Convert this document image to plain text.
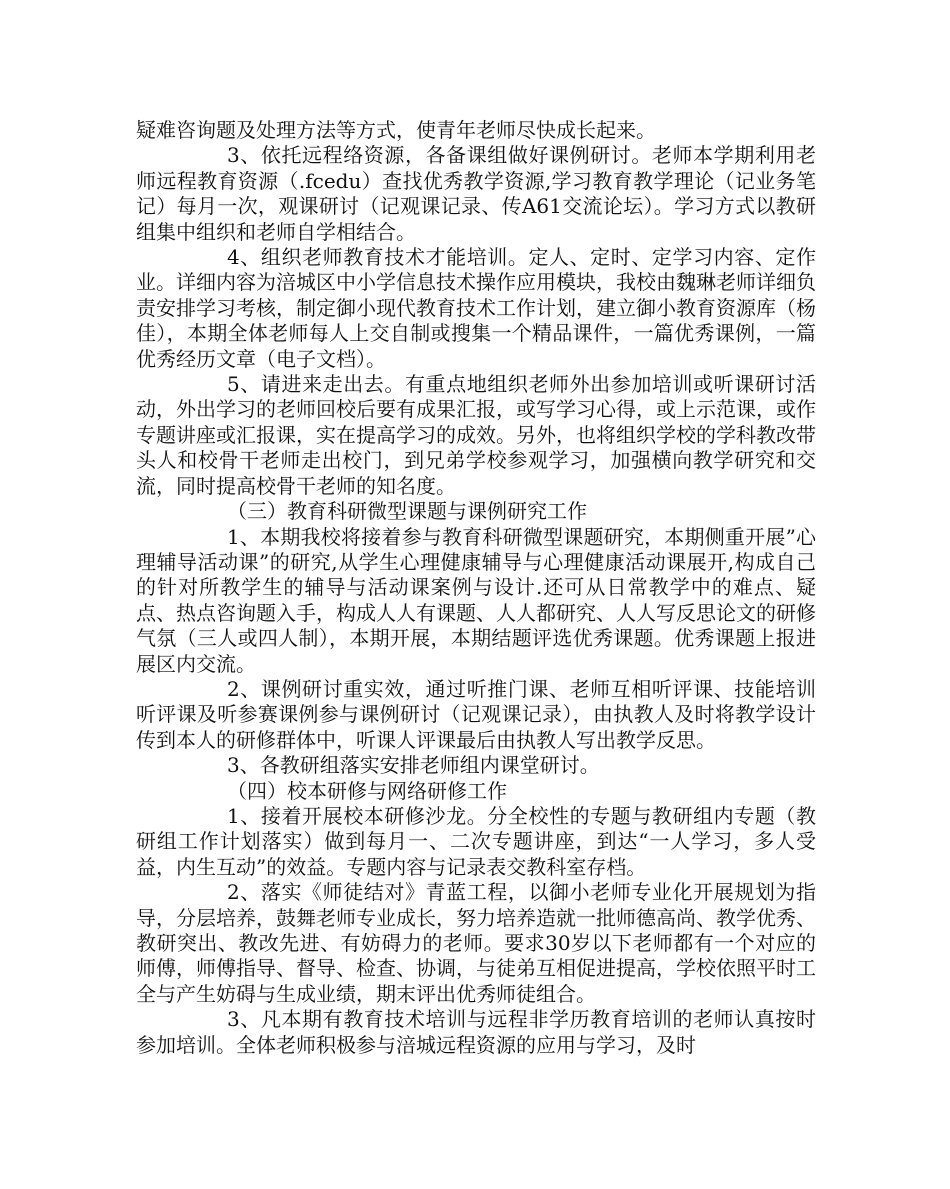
疑难咨询题及处理方法等方式，使青年老师尽快成长起来。

3、依托远程络资源，各备课组做好课例研讨。老师本学期利用老师远程教育资源（.fcedu）查找优秀教学资源,学习教育教学理论（记业务笔记）每月一次，观课研讨（记观课记录、传A61交流论坛）。学习方式以教研组集中组织和老师自学相结合。

4、组织老师教育技术才能培训。定人、定时、定学习内容、定作业。详细内容为涪城区中小学信息技术操作应用模块，我校由魏琳老师详细负责安排学习考核，制定御小现代教育技术工作计划，建立御小教育资源库（杨佳），本期全体老师每人上交自制或搜集一个精品课件，一篇优秀课例，一篇优秀经历文章（电子文档）。

5、请进来走出去。有重点地组织老师外出参加培训或听课研讨活动，外出学习的老师回校后要有成果汇报，或写学习心得，或上示范课，或作专题讲座或汇报课，实在提高学习的成效。另外，也将组织学校的学科教改带头人和校骨干老师走出校门，到兄弟学校参观学习，加强横向教学研究和交流，同时提高校骨干老师的知名度。

（三）教育科研微型课题与课例研究工作

1、本期我校将接着参与教育科研微型课题研究，本期侧重开展”心理辅导活动课”的研究,从学生心理健康辅导与心理健康活动课展开,构成自己的针对所教学生的辅导与活动课案例与设计.还可从日常教学中的难点、疑点、热点咨询题入手，构成人人有课题、人人都研究、人人写反思论文的研修气氛（三人或四人制），本期开展，本期结题评选优秀课题。优秀课题上报进展区内交流。

2、课例研讨重实效，通过听推门课、老师互相听评课、技能培训听评课及听参赛课例参与课例研讨（记观课记录），由执教人及时将教学设计传到本人的研修群体中，听课人评课最后由执教人写出教学反思。

3、各教研组落实安排老师组内课堂研讨。

（四）校本研修与网络研修工作

1、接着开展校本研修沙龙。分全校性的专题与教研组内专题（教研组工作计划落实）做到每月一、二次专题讲座，到达“一人学习，多人受益，内生互动”的效益。专题内容与记录表交教科室存档。

2、落实《师徒结对》青蓝工程，以御小老师专业化开展规划为指导，分层培养，鼓舞老师专业成长，努力培养造就一批师德高尚、教学优秀、教研突出、教改先进、有妨碍力的老师。要求30岁以下老师都有一个对应的师傅，师傅指导、督导、检查、协调，与徒弟互相促进提高，学校依照平时工全与产生妨碍与生成业绩，期末评出优秀师徒组合。

3、凡本期有教育技术培训与远程非学历教育培训的老师认真按时参加培训。全体老师积极参与涪城远程资源的应用与学习，及时
